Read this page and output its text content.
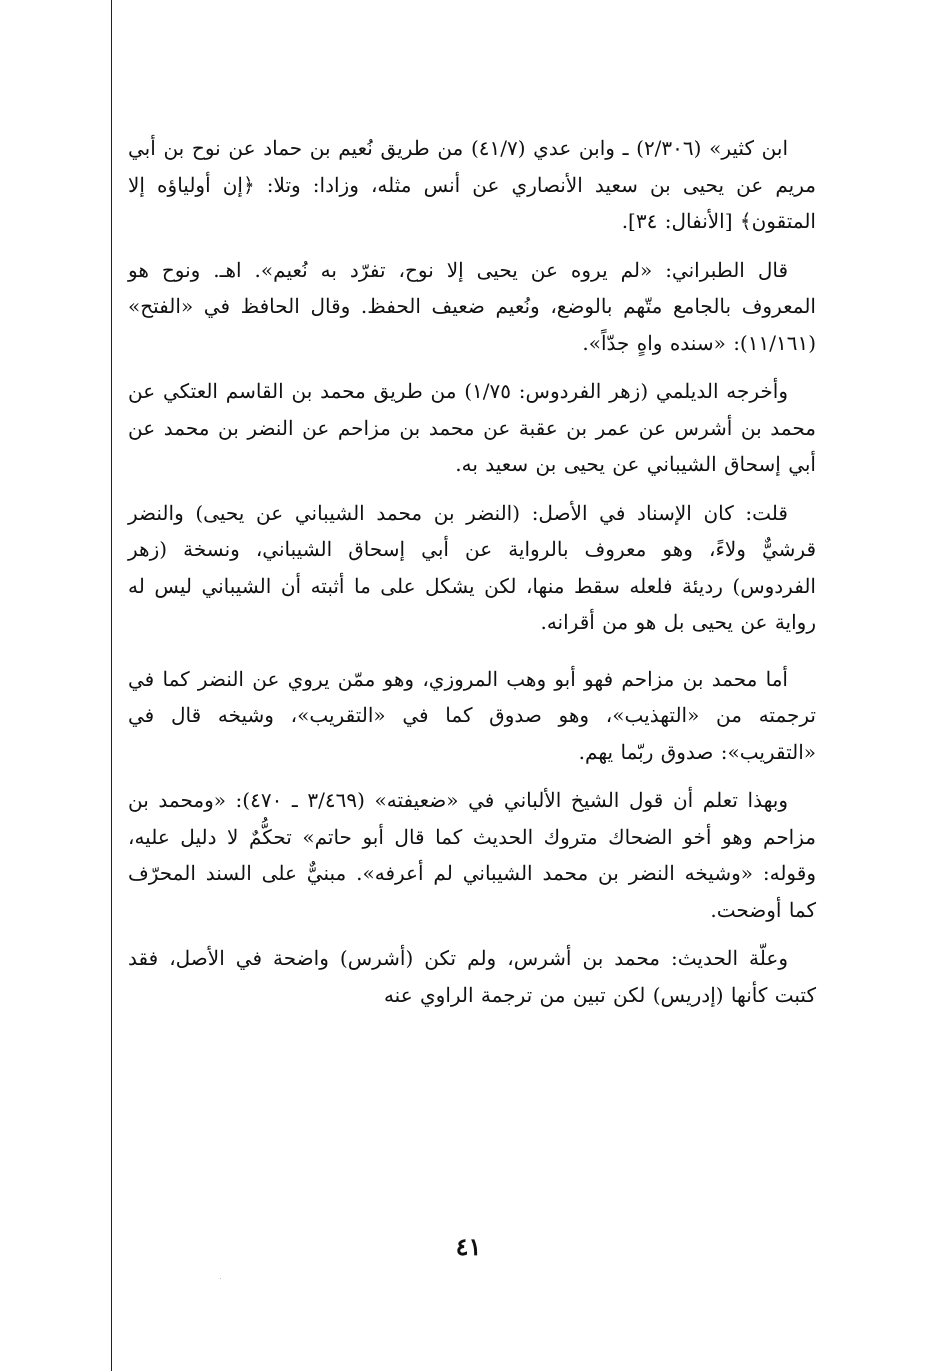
ابن كثير» (٢/٣٠٦) ـ وابن عدي (٤١/٧) من طريق نُعيم بن حماد عن نوح بن أبي مريم عن يحيى بن سعيد الأنصاري عن أنس مثله، وزادا: وتلا: ﴿إن أولياؤه إلا المتقون﴾ [الأنفال: ٣٤].

قال الطبراني: «لم يروه عن يحيى إلا نوح، تفرّد به نُعيم». اهـ. ونوح هو المعروف بالجامع متّهم بالوضع، ونُعيم ضعيف الحفظ. وقال الحافظ في «الفتح» (١١/١٦١): «سنده واهٍ جدّاً».

وأخرجه الديلمي (زهر الفردوس: ١/٧٥) من طريق محمد بن القاسم العتكي عن محمد بن أشرس عن عمر بن عقبة عن محمد بن مزاحم عن النضر بن محمد عن أبي إسحاق الشيباني عن يحيى بن سعيد به.

قلت: كان الإسناد في الأصل: (النضر بن محمد الشيباني عن يحيى) والنضر قرشيٌّ ولاءً، وهو معروف بالرواية عن أبي إسحاق الشيباني، ونسخة (زهر الفردوس) رديئة فلعله سقط منها، لكن يشكل على ما أثبته أن الشيباني ليس له رواية عن يحيى بل هو من أقرانه.

أما محمد بن مزاحم فهو أبو وهب المروزي، وهو ممّن يروي عن النضر كما في ترجمته من «التهذيب»، وهو صدوق كما في «التقريب»، وشيخه قال في «التقريب»: صدوق ربّما يهم.

وبهذا تعلم أن قول الشيخ الألباني في «ضعيفته» (٣/٤٦٩ ـ ٤٧٠): «ومحمد بن مزاحم وهو أخو الضحاك متروك الحديث كما قال أبو حاتم» تحكُّمٌ لا دليل عليه، وقوله: «وشيخه النضر بن محمد الشيباني لم أعرفه». مبنيٌّ على السند المحرّف كما أوضحت.

وعلّة الحديث: محمد بن أشرس، ولم تكن (أشرس) واضحة في الأصل، فقد كتبت كأنها (إدريس) لكن تبين من ترجمة الراوي عنه

٤١
